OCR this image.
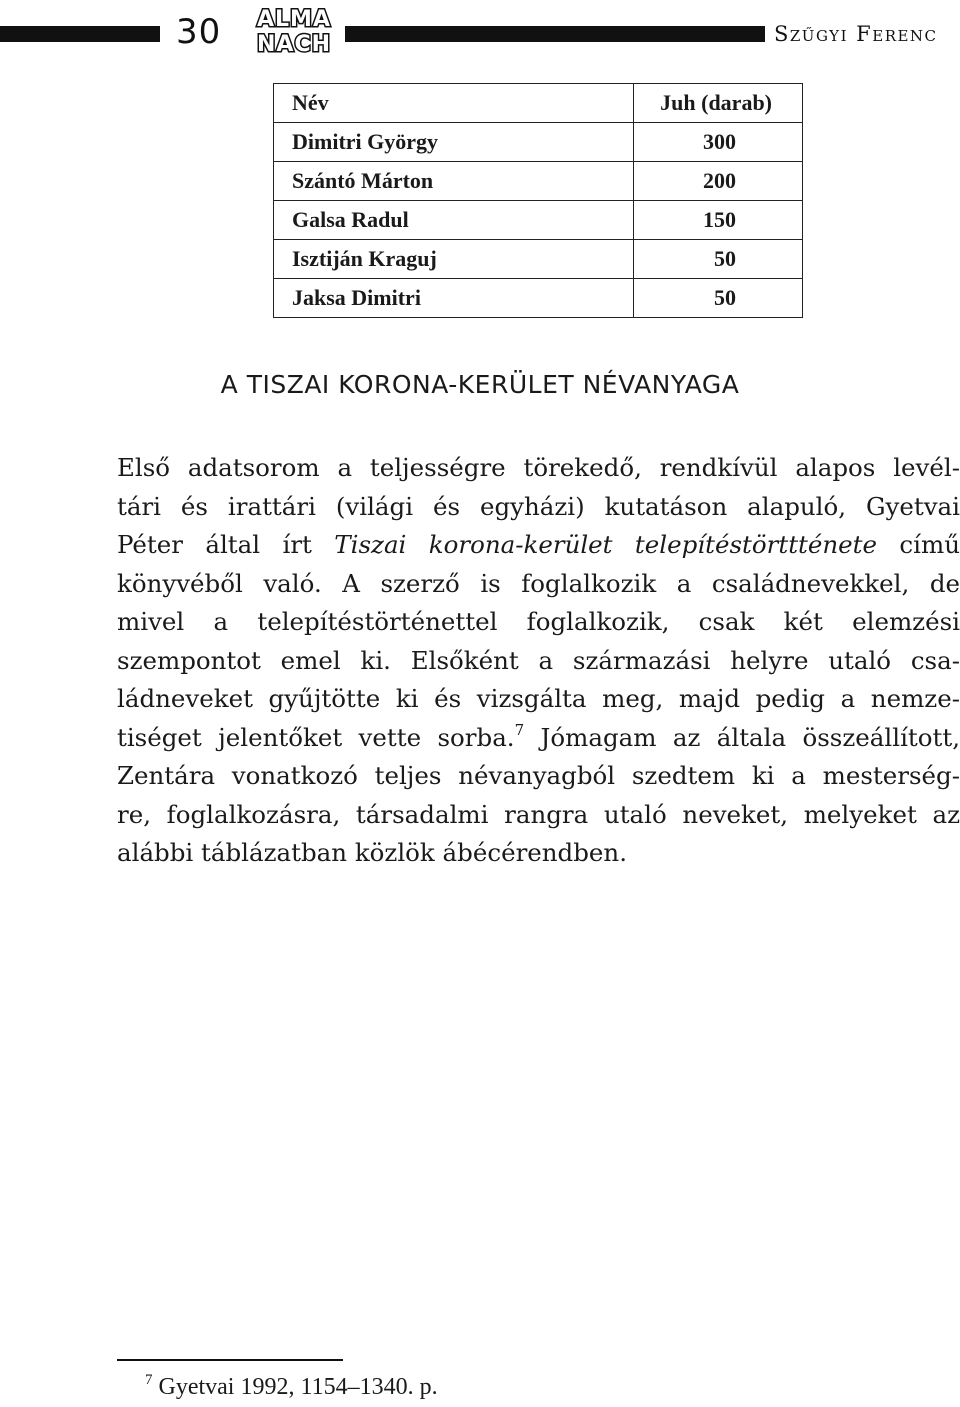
30 ALMA
NACH	Szűgyi Ferenc
Név	Juh (darab)
Dimitri György	300
Szántó Márton	200
Galsa Radul	150
Isztiján Kraguj	50
Jaksa Dimitri	50
A TISZAI KORONA-KERÜLET NÉVANYAGA
Első adatsorom a teljességre törekedő, rendkívül alapos levél-
tári és irattári (világi és egyházi) kutatáson alapuló, Gyetvai
Péter által írt Tiszai korona-kerület telepítéstörttténete című
könyvéből való. A szerző is foglalkozik a családnevekkel, de
mivel a telepítéstörténettel foglalkozik, csak két elemzési
szempontot emel ki. Elsőként a származási helyre utaló csa-
ládneveket gyűjtötte ki és vizsgálta meg, majd pedig a nemze-
tiséget jelentőket vette sorba.$^7$ Jómagam az általa összeállított,
Zentára vonatkozó teljes névanyagból szedtem ki a mesterség-
re, foglalkozásra, társadalmi rangra utaló neveket, melyeket az
alábbi táblázatban közlök ábécérendben.
$^7$ Gyetvai 1992, 1154–1340. p.
